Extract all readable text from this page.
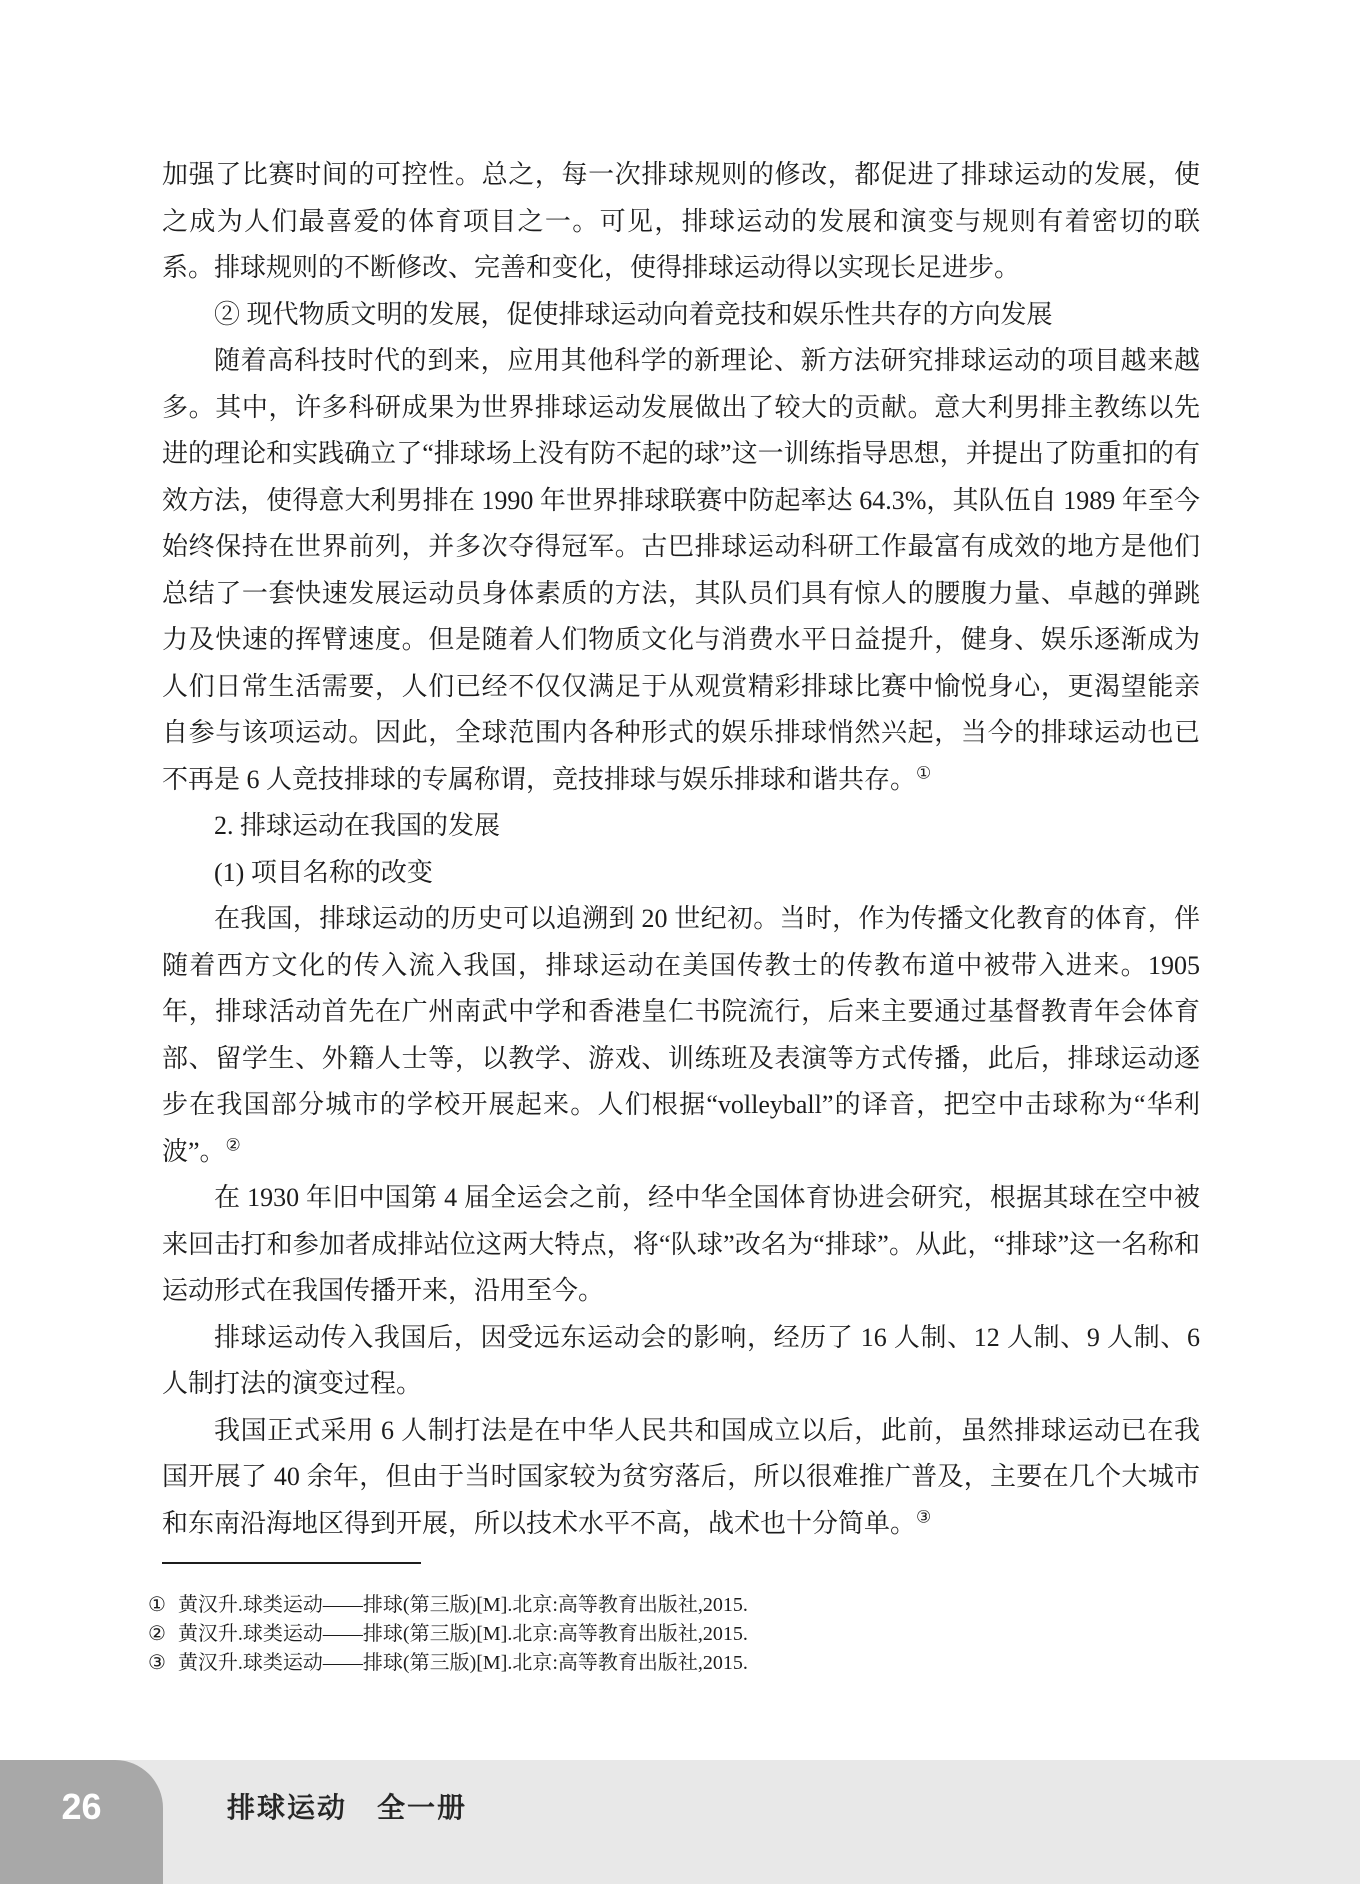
加强了比赛时间的可控性。总之，每一次排球规则的修改，都促进了排球运动的发展，使之成为人们最喜爱的体育项目之一。可见，排球运动的发展和演变与规则有着密切的联系。排球规则的不断修改、完善和变化，使得排球运动得以实现长足进步。

② 现代物质文明的发展，促使排球运动向着竞技和娱乐性共存的方向发展

随着高科技时代的到来，应用其他科学的新理论、新方法研究排球运动的项目越来越多。其中，许多科研成果为世界排球运动发展做出了较大的贡献。意大利男排主教练以先进的理论和实践确立了“排球场上没有防不起的球”这一训练指导思想，并提出了防重扣的有效方法，使得意大利男排在 1990 年世界排球联赛中防起率达 64.3%，其队伍自 1989 年至今始终保持在世界前列，并多次夺得冠军。古巴排球运动科研工作最富有成效的地方是他们总结了一套快速发展运动员身体素质的方法，其队员们具有惊人的腰腹力量、卓越的弹跳力及快速的挥臂速度。但是随着人们物质文化与消费水平日益提升，健身、娱乐逐渐成为人们日常生活需要，人们已经不仅仅满足于从观赏精彩排球比赛中愉悦身心，更渴望能亲自参与该项运动。因此，全球范围内各种形式的娱乐排球悄然兴起，当今的排球运动也已不再是 6 人竞技排球的专属称谓，竞技排球与娱乐排球和谐共存。①

2. 排球运动在我国的发展

(1) 项目名称的改变

在我国，排球运动的历史可以追溯到 20 世纪初。当时，作为传播文化教育的体育，伴随着西方文化的传入流入我国，排球运动在美国传教士的传教布道中被带入进来。1905 年，排球活动首先在广州南武中学和香港皇仁书院流行，后来主要通过基督教青年会体育部、留学生、外籍人士等，以教学、游戏、训练班及表演等方式传播，此后，排球运动逐步在我国部分城市的学校开展起来。人们根据“volleyball”的译音，把空中击球称为“华利波”。②

在 1930 年旧中国第 4 届全运会之前，经中华全国体育协进会研究，根据其球在空中被来回击打和参加者成排站位这两大特点，将“队球”改名为“排球”。从此，“排球”这一名称和运动形式在我国传播开来，沿用至今。

排球运动传入我国后，因受远东运动会的影响，经历了 16 人制、12 人制、9 人制、6 人制打法的演变过程。

我国正式采用 6 人制打法是在中华人民共和国成立以后，此前，虽然排球运动已在我国开展了 40 余年，但由于当时国家较为贫穷落后，所以很难推广普及，主要在几个大城市和东南沿海地区得到开展，所以技术水平不高，战术也十分简单。③

① 黄汉升.球类运动——排球(第三版)[M].北京:高等教育出版社,2015.
② 黄汉升.球类运动——排球(第三版)[M].北京:高等教育出版社,2015.
③ 黄汉升.球类运动——排球(第三版)[M].北京:高等教育出版社,2015.
26	排球运动　全一册
